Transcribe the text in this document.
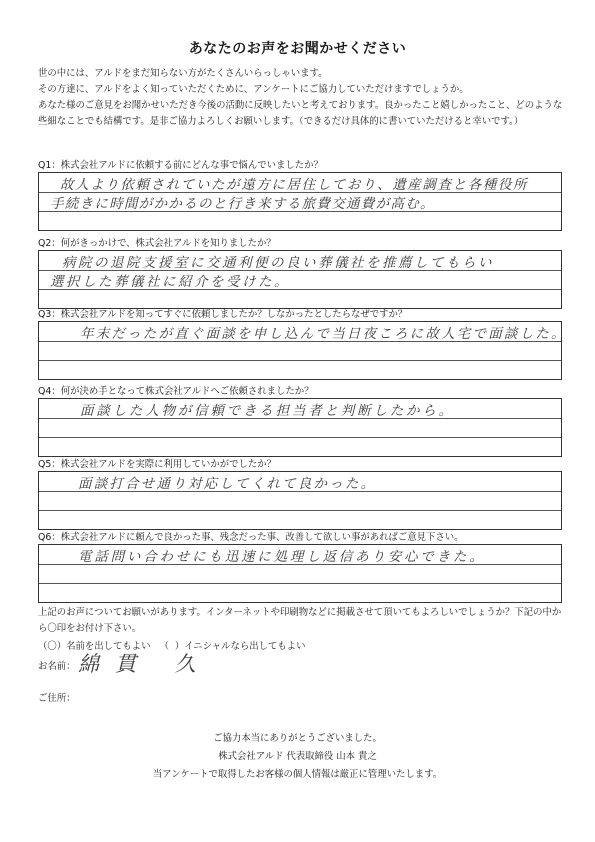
あなたのお声をお聞かせください
世の中には、アルドをまだ知らない方がたくさんいらっしゃいます。
その方達に、アルドをよく知っていただくために、アンケートにご協力していただけますでしょうか。
あなた様のご意見をお聞かせいただき今後の活動に反映したいと考えております。良かったこと嬉しかったこと、どのような
些細なことでも結構です。是非ご協力よろしくお願いします。（できるだけ具体的に書いていただけると幸いです。）
Q1：株式会社アルドに依頼する前にどんな事で悩んでいましたか？
故人より依頼されていたが遠方に居住しており、遺産調査と各種役所
手続きに時間がかかるのと行き来する旅費交通費が高む。
Q2：何がきっかけで、株式会社アルドを知りましたか？
病院の退院支援室に交通利便の良い葬儀社を推薦してもらい
選択した葬儀社に紹介を受けた。
Q3：株式会社アルドを知ってすぐに依頼しましたか？しなかったとしたらなぜですか？
年末だったが直ぐ面談を申し込んで当日夜ころに故人宅で面談した。
Q4：何が決め手となって株式会社アルドへご依頼されましたか？
面談した人物が信頼できる担当者と判断したから。
Q5：株式会社アルドを実際に利用していかがでしたか？
面談打合せ通り対応してくれて良かった。
Q6：株式会社アルドに頼んで良かった事、残念だった事、改善して欲しい事があればご意見下さい。
電話問い合わせにも迅速に処理し返信あり安心できた。
上記のお声についてお願いがあります。インターネットや印刷物などに掲載させて頂いてもよろしいでしょうか？下記の中か
ら〇印をお付け下さい。
（〇）名前を出してもよい （  ）イニシャルなら出してもよい
お名前： 綿貫 久
ご住所：
ご協力本当にありがとうございました。
株式会社アルド 代表取締役 山本 貴之
当アンケートで取得したお客様の個人情報は厳正に管理いたします。
